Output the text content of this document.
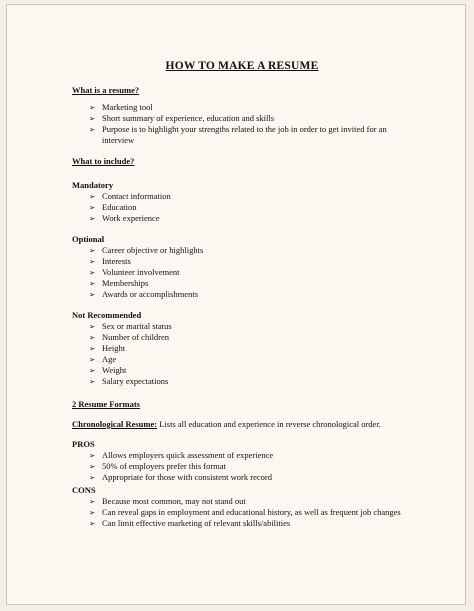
HOW TO MAKE A RESUME
What is a resume?
➢ Marketing tool
➢ Short summary of experience, education and skills
➢ Purpose is to highlight your strengths related to the job in order to get invited for an interview
What to include?
Mandatory
➢ Contact information
➢ Education
➢ Work experience
Optional
➢ Career objective or highlights
➢ Interests
➢ Volunteer involvement
➢ Memberships
➢ Awards or accomplishments
Not Recommended
➢ Sex or marital status
➢ Number of children
➢ Height
➢ Age
➢ Weight
➢ Salary expectations
2 Resume Formats
Chronological Resume: Lists all education and experience in reverse chronological order.
PROS
➢ Allows employers quick assessment of experience
➢ 50% of employers prefer this format
➢ Appropriate for those with consistent work record
CONS
➢ Because most common, may not stand out
➢ Can reveal gaps in employment and educational history, as well as frequent job changes
➢ Can limit effective marketing of relevant skills/abilities
